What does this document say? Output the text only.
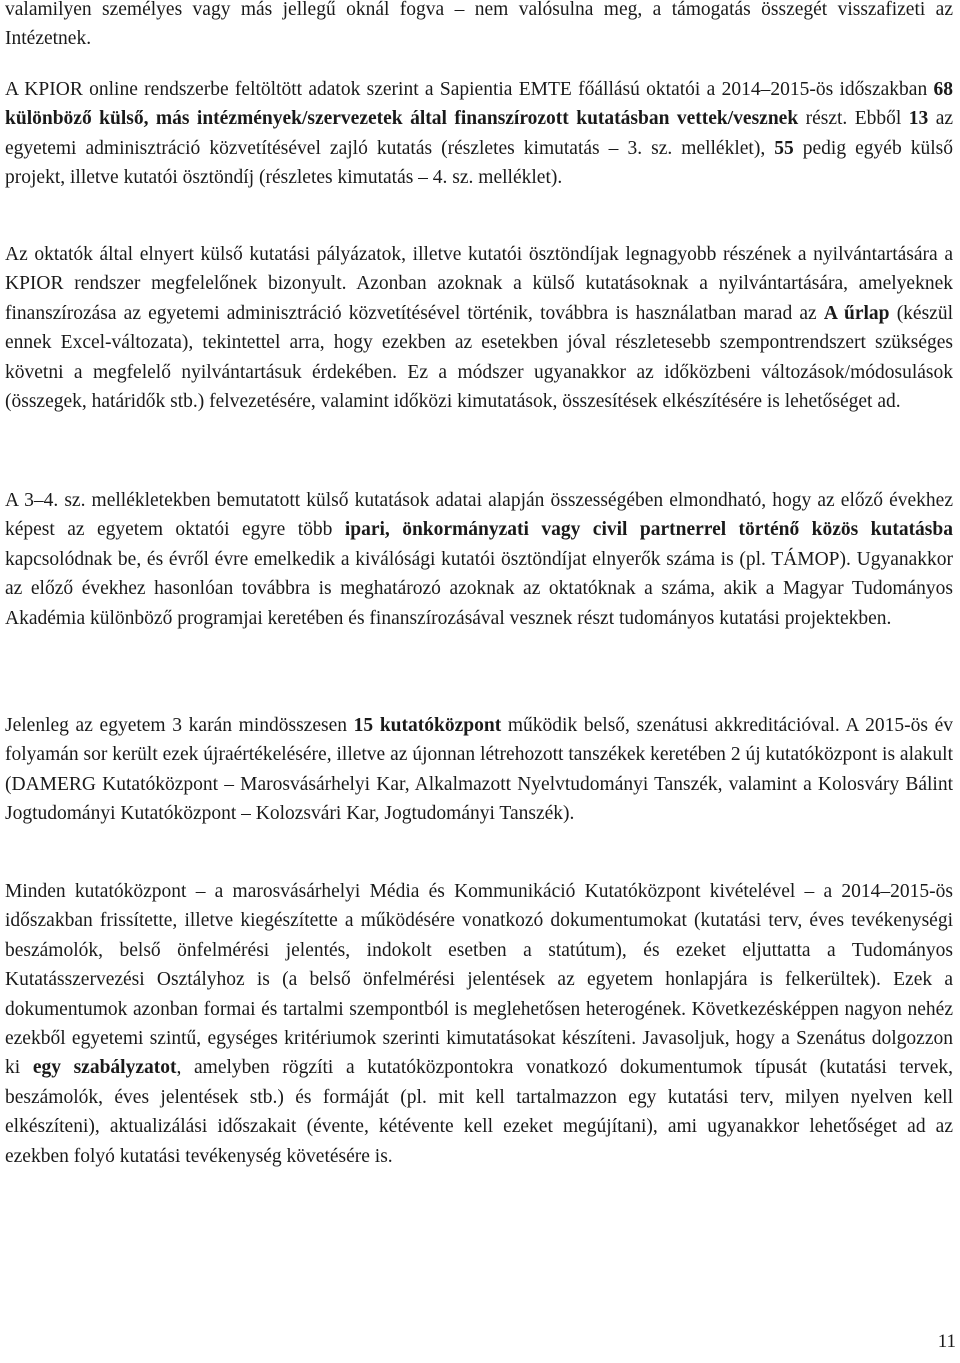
valamilyen személyes vagy más jellegű oknál fogva – nem valósulna meg, a támogatás összegét visszafizeti az Intézetnek.

A KPIOR online rendszerbe feltöltött adatok szerint a Sapientia EMTE főállású oktatói a 2014–2015-ös időszakban 68 különböző külső, más intézmények/szervezetek által finanszírozott kutatásban vettek/vesznek részt. Ebből 13 az egyetemi adminisztráció közvetítésével zajló kutatás (részletes kimutatás – 3. sz. melléklet), 55 pedig egyéb külső projekt, illetve kutatói ösztöndíj (részletes kimutatás – 4. sz. melléklet).

Az oktatók által elnyert külső kutatási pályázatok, illetve kutatói ösztöndíjak legnagyobb részének a nyilvántartására a KPIOR rendszer megfelelőnek bizonyult. Azonban azoknak a külső kutatásoknak a nyilvántartására, amelyeknek finanszírozása az egyetemi adminisztráció közvetítésével történik, továbbra is használatban marad az A űrlap (készül ennek Excel-változata), tekintettel arra, hogy ezekben az esetekben jóval részletesebb szempontrendszert szükséges követni a megfelelő nyilvántartásuk érdekében. Ez a módszer ugyanakkor az időközbeni változások/módosulások (összegek, határidők stb.) felvezetésére, valamint időközi kimutatások, összesítések elkészítésére is lehetőséget ad.

A 3–4. sz. mellékletekben bemutatott külső kutatások adatai alapján összességében elmondható, hogy az előző évekhez képest az egyetem oktatói egyre több ipari, önkormányzati vagy civil partnerrel történő közös kutatásba kapcsolódnak be, és évről évre emelkedik a kiválósági kutatói ösztöndíjat elnyerők száma is (pl. TÁMOP). Ugyanakkor az előző évekhez hasonlóan továbbra is meghatározó azoknak az oktatóknak a száma, akik a Magyar Tudományos Akadémia különböző programjai keretében és finanszírozásával vesznek részt tudományos kutatási projektekben.

Jelenleg az egyetem 3 karán mindösszesen 15 kutatóközpont működik belső, szenátusi akkreditációval. A 2015-ös év folyamán sor került ezek újraértékelésére, illetve az újonnan létrehozott tanszékek keretében 2 új kutatóközpont is alakult (DAMERG Kutatóközpont – Marosvásárhelyi Kar, Alkalmazott Nyelvtudományi Tanszék, valamint a Kolosváry Bálint Jogtudományi Kutatóközpont – Kolozsvári Kar, Jogtudományi Tanszék).

Minden kutatóközpont – a marosvásárhelyi Média és Kommunikáció Kutatóközpont kivételével – a 2014–2015-ös időszakban frissítette, illetve kiegészítette a működésére vonatkozó dokumentumokat (kutatási terv, éves tevékenységi beszámolók, belső önfelmérési jelentés, indokolt esetben a statútum), és ezeket eljuttatta a Tudományos Kutatásszervezési Osztályhoz is (a belső önfelmérési jelentések az egyetem honlapjára is felkerültek). Ezek a dokumentumok azonban formai és tartalmi szempontból is meglehetősen heterogének. Következésképpen nagyon nehéz ezekből egyetemi szintű, egységes kritériumok szerinti kimutatásokat készíteni. Javasoljuk, hogy a Szenátus dolgozzon ki egy szabályzatot, amelyben rögzíti a kutatóközpontokra vonatkozó dokumentumok típusát (kutatási tervek, beszámolók, éves jelentések stb.) és formáját (pl. mit kell tartalmazzon egy kutatási terv, milyen nyelven kell elkészíteni), aktualizálási időszakait (évente, kétévente kell ezeket megújítani), ami ugyanakkor lehetőséget ad az ezekben folyó kutatási tevékenység követésére is.

11
